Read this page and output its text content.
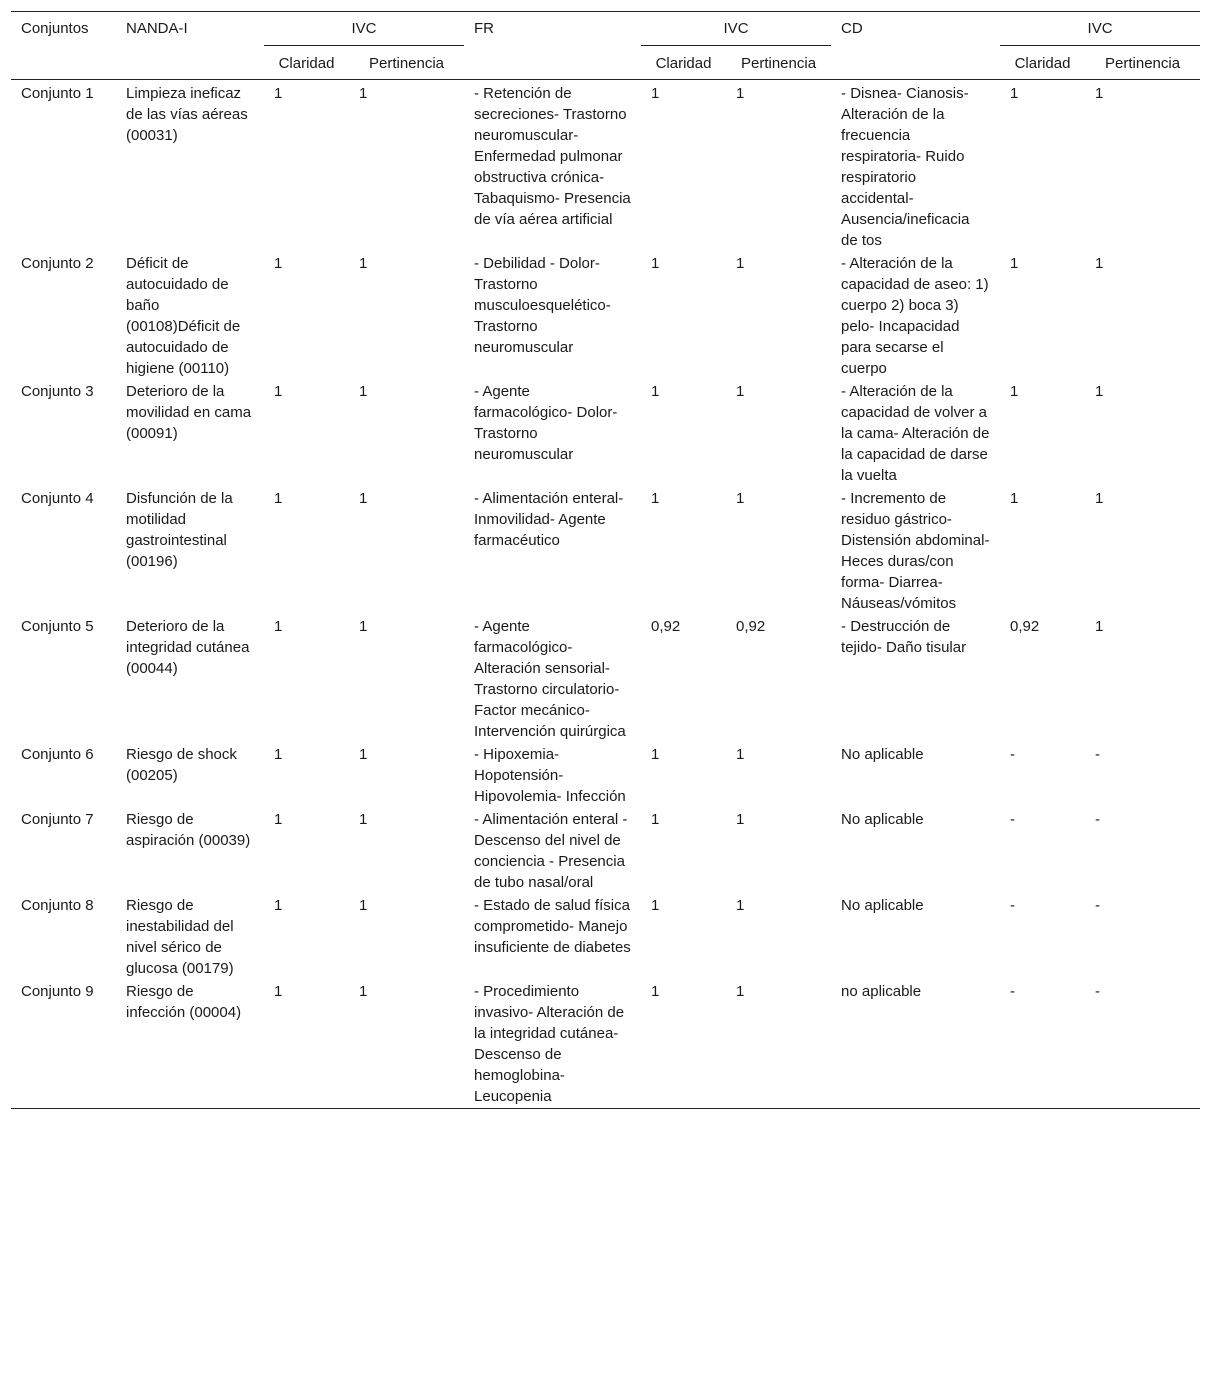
Conjuntos	NANDA-I	IVC		FR	IVC		CD	IVC	
		Claridad	Pertinencia		Claridad	Pertinencia		Claridad	Pertinencia
Conjunto 1	Limpieza ineficaz de las vías aéreas (00031)	1	1	- Retención de secreciones- Trastorno neuromuscular- Enfermedad pulmonar obstructiva crónica- Tabaquismo- Presencia de vía aérea artificial	1	1	- Disnea- Cianosis- Alteración de la frecuencia respiratoria- Ruido respiratorio accidental- Ausencia/ineficacia de tos	1	1
Conjunto 2	Déficit de autocuidado de baño (00108)Déficit de autocuidado de higiene (00110)	1	1	- Debilidad - Dolor- Trastorno musculoesquelético- Trastorno neuromuscular	1	1	- Alteración de la capacidad de aseo: 1) cuerpo 2) boca 3) pelo- Incapacidad para secarse el cuerpo	1	1
Conjunto 3	Deterioro de la movilidad en cama (00091)	1	1	- Agente farmacológico- Dolor- Trastorno neuromuscular	1	1	- Alteración de la capacidad de volver a la cama- Alteración de la capacidad de darse la vuelta	1	1
Conjunto 4	Disfunción de la motilidad gastrointestinal (00196)	1	1	- Alimentación enteral- Inmovilidad- Agente farmacéutico	1	1	- Incremento de residuo gástrico- Distensión abdominal- Heces duras/con forma- Diarrea- Náuseas/vómitos	1	1
Conjunto 5	Deterioro de la integridad cutánea (00044)	1	1	- Agente farmacológico- Alteración sensorial- Trastorno circulatorio- Factor mecánico- Intervención quirúrgica	0,92	0,92	- Destrucción de tejido- Daño tisular	0,92	1
Conjunto 6	Riesgo de shock (00205)	1	1	- Hipoxemia- Hopotensión- Hipovolemia- Infección	1	1	No aplicable	-	-
Conjunto 7	Riesgo de aspiración (00039)	1	1	- Alimentación enteral - Descenso del nivel de conciencia - Presencia de tubo nasal/oral	1	1	No aplicable	-	-
Conjunto 8	Riesgo de inestabilidad del nivel sérico de glucosa (00179)	1	1	- Estado de salud física comprometido- Manejo insuficiente de diabetes	1	1	No aplicable	-	-
Conjunto 9	Riesgo de infección (00004)	1	1	- Procedimiento invasivo- Alteración de la integridad cutánea- Descenso de hemoglobina- Leucopenia	1	1	no aplicable	-	-
